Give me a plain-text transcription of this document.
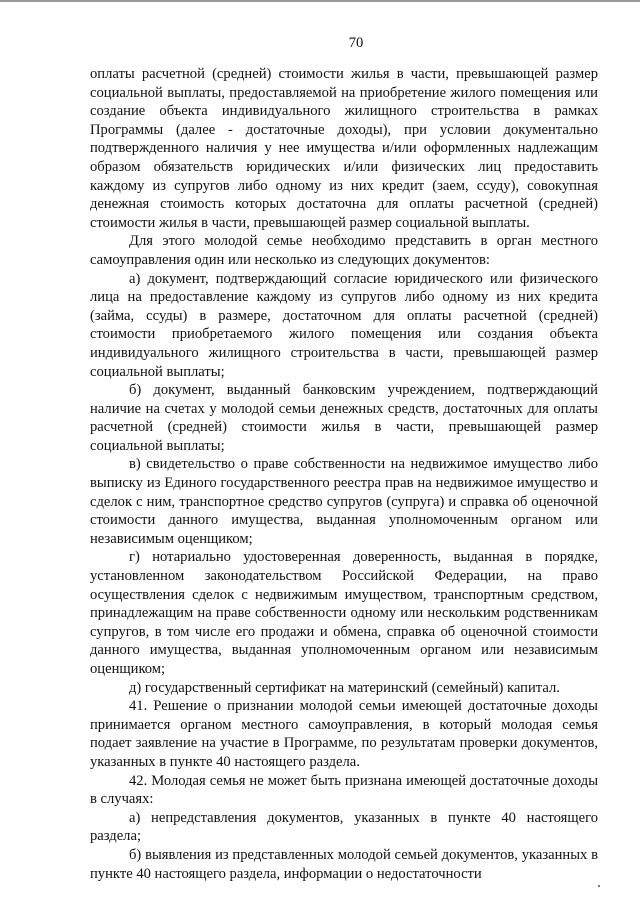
70

оплаты расчетной (средней) стоимости жилья в части, превышающей размер социальной выплаты, предоставляемой на приобретение жилого помещения или создание объекта индивидуального жилищного строительства в рамках Программы (далее - достаточные доходы), при условии документально подтвержденного наличия у нее имущества и/или оформленных надлежащим образом обязательств юридических и/или физических лиц предоставить каждому из супругов либо одному из них кредит (заем, ссуду), совокупная денежная стоимость которых достаточна для оплаты расчетной (средней) стоимости жилья в части, превышающей размер социальной выплаты.

Для этого молодой семье необходимо представить в орган местного самоуправления один или несколько из следующих документов:

а) документ, подтверждающий согласие юридического или физического лица на предоставление каждому из супругов либо одному из них кредита (займа, ссуды) в размере, достаточном для оплаты расчетной (средней) стоимости приобретаемого жилого помещения или создания объекта индивидуального жилищного строительства в части, превышающей размер социальной выплаты;

б) документ, выданный банковским учреждением, подтверждающий наличие на счетах у молодой семьи денежных средств, достаточных для оплаты расчетной (средней) стоимости жилья в части, превышающей размер социальной выплаты;

в) свидетельство о праве собственности на недвижимое имущество либо выписку из Единого государственного реестра прав на недвижимое имущество и сделок с ним, транспортное средство супругов (супруга) и справка об оценочной стоимости данного имущества, выданная уполномоченным органом или независимым оценщиком;

г) нотариально удостоверенная доверенность, выданная в порядке, установленном законодательством Российской Федерации, на право осуществления сделок с недвижимым имуществом, транспортным средством, принадлежащим на праве собственности одному или нескольким родственникам супругов, в том числе его продажи и обмена, справка об оценочной стоимости данного имущества, выданная уполномоченным органом или независимым оценщиком;

д) государственный сертификат на материнский (семейный) капитал.

41. Решение о признании молодой семьи имеющей достаточные доходы принимается органом местного самоуправления, в который молодая семья подает заявление на участие в Программе, по результатам проверки документов, указанных в пункте 40 настоящего раздела.

42. Молодая семья не может быть признана имеющей достаточные доходы в случаях:

а) непредставления документов, указанных в пункте 40 настоящего раздела;

б) выявления из представленных молодой семьей документов, указанных в пункте 40 настоящего раздела, информации о недостаточности
